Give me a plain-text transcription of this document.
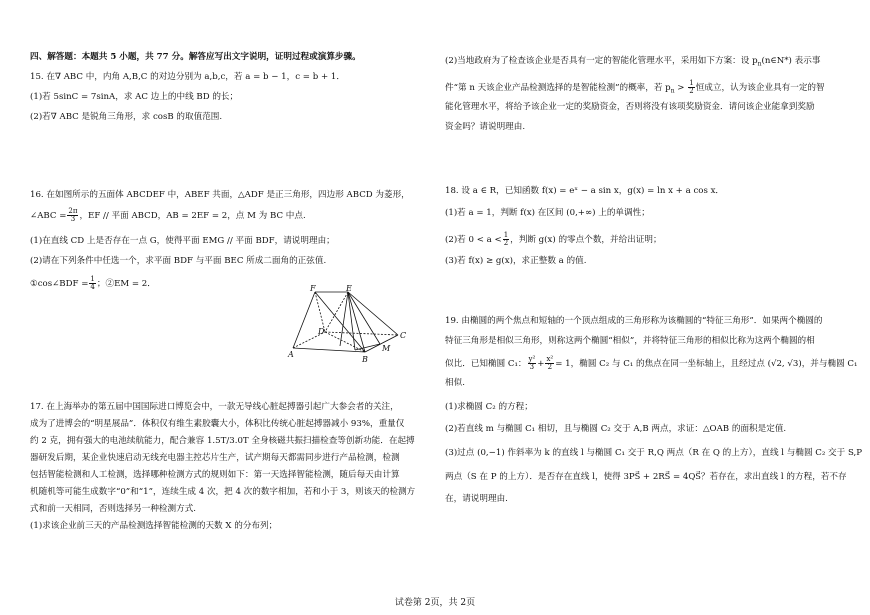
四、解答题：本题共 5 小题，共 77 分。解答应写出文字说明，证明过程或演算步骤。
15. 在∇ ABC 中，内角 A,B,C 的对边分别为 a,b,c，若 a = b − 1，c = b + 1．
(1)若 5sinC = 7sinA，求 AC 边上的中线 BD 的长；
(2)若∇ ABC 是锐角三角形，求 cosB 的取值范围.
16. 在如图所示的五面体 ABCDEF 中，ABEF 共面，△ADF 是正三角形，四边形 ABCD 为菱形，
∠ABC = $\frac{2\pi}{3}$ ，EF // 平面 ABCD，AB = 2EF = 2，点 M 为 BC 中点.
(1)在直线 CD 上是否存在一点 G，使得平面 EMG // 平面 BDF，请说明理由；
(2)请在下列条件中任选一个，求平面 BDF 与平面 BEC 所成二面角的正弦值.
①cos∠BDF = $\frac{1}{4}$ ；②EM = 2．
17. 在上海举办的第五届中国国际进口博览会中，一款无导线心脏起搏器引起广大参会者的关注，
成为了进博会的“明星展品”．体积仅有维生素胶囊大小，体积比传统心脏起搏器减小 93%，重量仅
约 2 克，拥有强大的电池续航能力，配合兼容 1.5T/3.0T 全身核磁共振扫描检查等创新功能．在起搏
器研发后期，某企业快速启动无线充电器主控芯片生产，试产期每天都需同步进行产品检测，检测
包括智能检测和人工检测，选择哪种检测方式的规则如下：第一天选择智能检测，随后每天由计算
机随机等可能生成数字“0”和“1”，连续生成 4 次，把 4 次的数字相加，若和小于 3，则该天的检测方
式和前一天相同，否则选择另一种检测方式.
(1)求该企业前三天的产品检测选择智能检测的天数 X 的分布列；
F	E
D	C
A
B
M
(2)当地政府为了检查该企业是否具有一定的智能化管理水平，采用如下方案：设 $p_n(n\in N*)$ 表示事
件“第 n 天该企业产品检测选择的是智能检测”的概率，若 $p_n > \frac{1}{2}$ 恒成立，认为该企业具有一定的智
能化管理水平，将给予该企业一定的奖励资金，否则将没有该项奖励资金．请问该企业能拿到奖励
资金吗？请说明理由.
18. 设 a ∈ R，已知函数 f(x) = eˣ − a sin x，g(x) = ln x + a cos x．
(1)若 a = 1，判断 f(x) 在区间 (0,+∞) 上的单调性；
(2)若 $0 < a < \frac{1}{2}$ ，判断 g(x) 的零点个数，并给出证明；
(3)若 f(x) ≥ g(x)，求正整数 a 的值.
19. 由椭圆的两个焦点和短轴的一个顶点组成的三角形称为该椭圆的“特征三角形”．如果两个椭圆的
特征三角形是相似三角形，则称这两个椭圆“相似”，并将特征三角形的相似比称为这两个椭圆的相
似比．已知椭圆 C₁： $\frac{\text{y²}}{3} + \frac{\text{x²}}{2} = 1$，椭圆 C₂ 与 C₁ 的焦点在同一坐标轴上，且经过点 (√2, √3)，并与椭圆 C₁
相似.
(1)求椭圆 C₂ 的方程；
(2)若直线 m 与椭圆 C₁ 相切，且与椭圆 C₂ 交于 A,B 两点，求证：△OAB 的面积是定值.
(3)过点 (0,−1) 作斜率为 k 的直线 l 与椭圆 C₁ 交于 R,Q 两点（R 在 Q 的上方），直线 l 与椭圆 C₂ 交于 S,P
两点（S 在 P 的上方）．是否存在直线 l，使得 3PS⃗ + 2RS⃗ = 4QS⃗？若存在，求出直线 l 的方程，若不存
在，请说明理由.
试卷第 2页，共 2页
